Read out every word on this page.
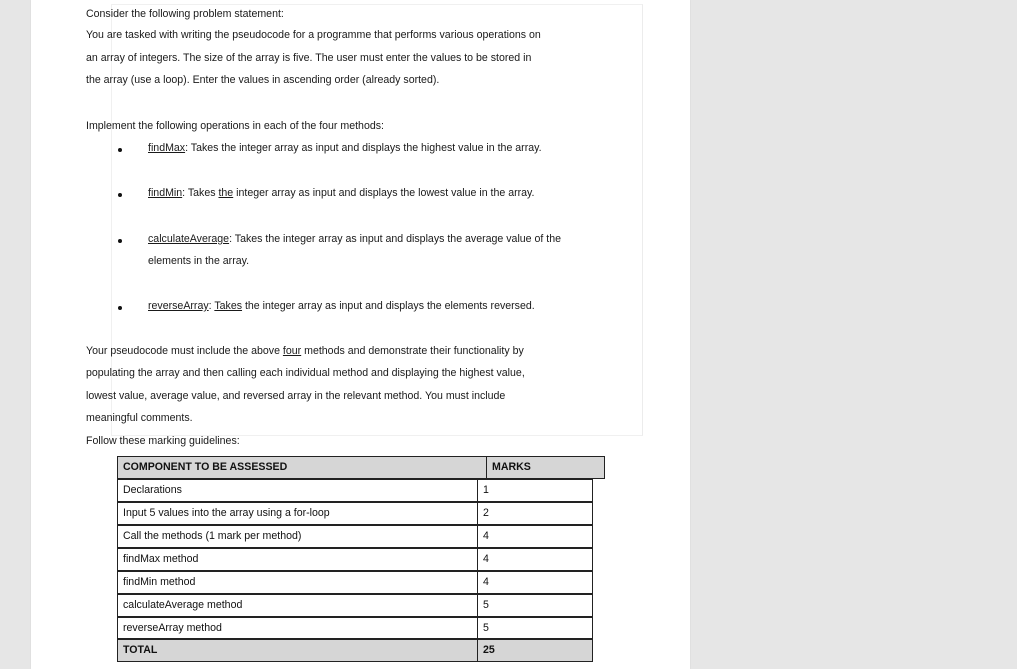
Consider the following problem statement:
You are tasked with writing the pseudocode for a programme that performs various operations on
an array of integers. The size of the array is five. The user must enter the values to be stored in
the array (use a loop). Enter the values in ascending order (already sorted).
Implement the following operations in each of the four methods:
findMax: Takes the integer array as input and displays the highest value in the array.
findMin: Takes the integer array as input and displays the lowest value in the array.
calculateAverage: Takes the integer array as input and displays the average value of the
elements in the array.
reverseArray: Takes the integer array as input and displays the elements reversed.
Your pseudocode must include the above four methods and demonstrate their functionality by
populating the array and then calling each individual method and displaying the highest value,
lowest value, average value, and reversed array in the relevant method. You must include
meaningful comments.
Follow these marking guidelines:
COMPONENT TO BE ASSESSED	MARKS
Declarations	1
Input 5 values into the array using a for-loop	2
Call the methods (1 mark per method)	4
findMax method	4
findMin method	4
calculateAverage method	5
reverseArray method	5
TOTAL	25
